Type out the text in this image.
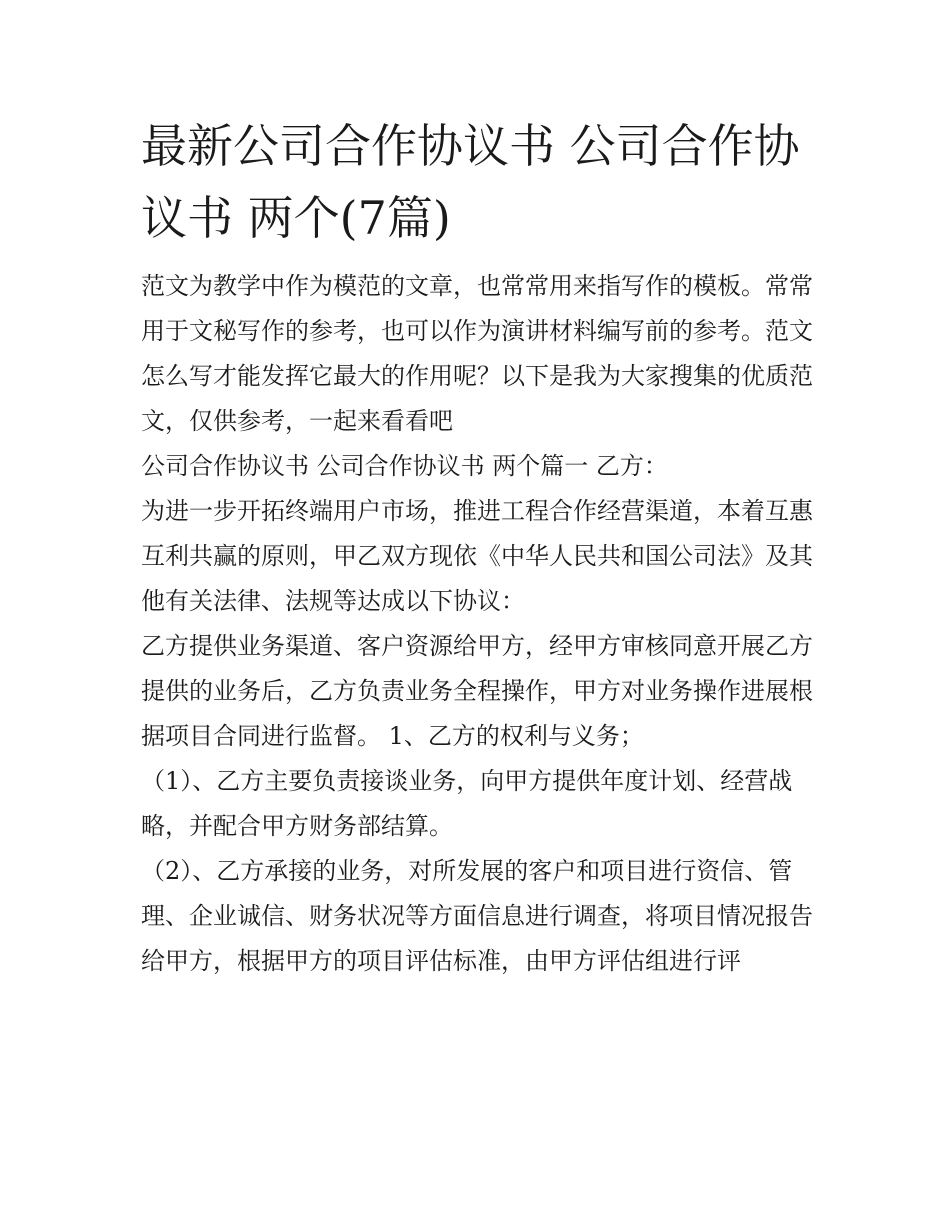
最新公司合作协议书 公司合作协议书 两个(7篇)

范文为教学中作为模范的文章，也常常用来指写作的模板。常常用于文秘写作的参考，也可以作为演讲材料编写前的参考。范文怎么写才能发挥它最大的作用呢？以下是我为大家搜集的优质范文，仅供参考，一起来看看吧

公司合作协议书 公司合作协议书 两个篇一 乙方：

为进一步开拓终端用户市场，推进工程合作经营渠道，本着互惠互利共赢的原则，甲乙双方现依《中华人民共和国公司法》及其他有关法律、法规等达成以下协议：

乙方提供业务渠道、客户资源给甲方，经甲方审核同意开展乙方提供的业务后，乙方负责业务全程操作，甲方对业务操作进展根据项目合同进行监督。 1、乙方的权利与义务；

（1）、乙方主要负责接谈业务，向甲方提供年度计划、经营战略，并配合甲方财务部结算。

（2）、乙方承接的业务，对所发展的客户和项目进行资信、管理、企业诚信、财务状况等方面信息进行调查，将项目情况报告给甲方，根据甲方的项目评估标准，由甲方评估组进行评
